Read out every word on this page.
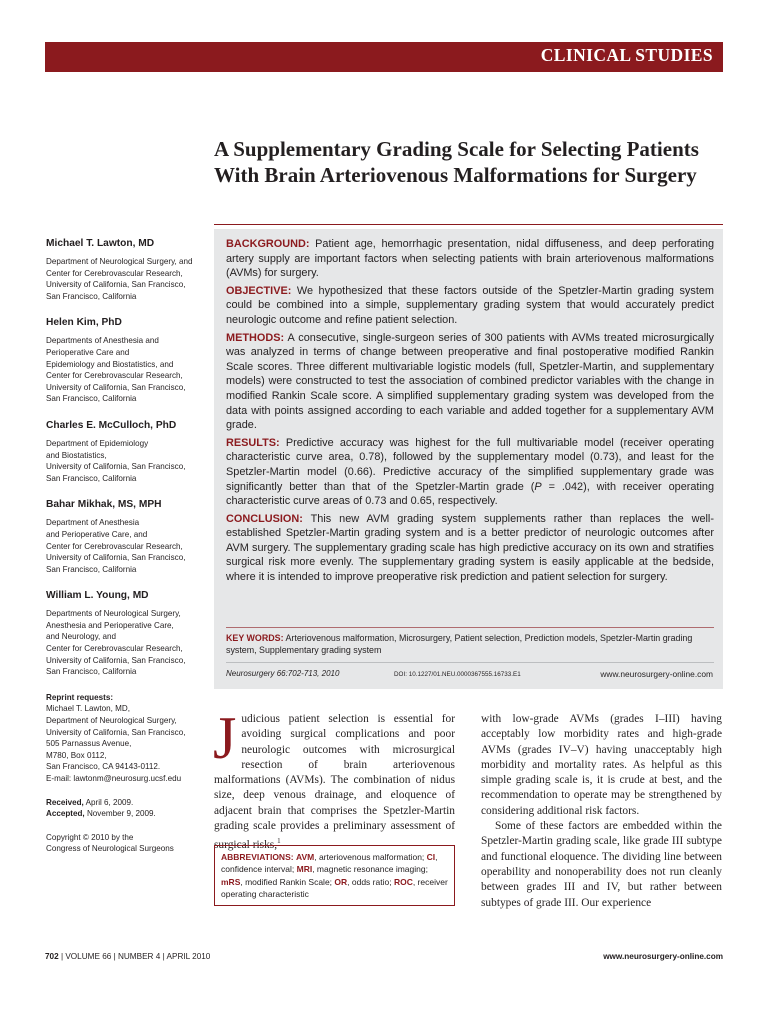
CLINICAL STUDIES
A Supplementary Grading Scale for Selecting Patients With Brain Arteriovenous Malformations for Surgery
Michael T. Lawton, MD
Department of Neurological Surgery, and
Center for Cerebrovascular Research,
University of California, San Francisco,
San Francisco, California
Helen Kim, PhD
Departments of Anesthesia and
Perioperative Care and
Epidemiology and Biostatistics, and
Center for Cerebrovascular Research,
University of California, San Francisco,
San Francisco, California
Charles E. McCulloch, PhD
Department of Epidemiology
and Biostatistics,
University of California, San Francisco,
San Francisco, California
Bahar Mikhak, MS, MPH
Department of Anesthesia
and Perioperative Care, and
Center for Cerebrovascular Research,
University of California, San Francisco,
San Francisco, California
William L. Young, MD
Departments of Neurological Surgery,
Anesthesia and Perioperative Care,
and Neurology, and
Center for Cerebrovascular Research,
University of California, San Francisco,
San Francisco, California
Reprint requests:
Michael T. Lawton, MD,
Department of Neurological Surgery,
University of California, San Francisco,
505 Parnassus Avenue,
M780, Box 0112,
San Francisco, CA 94143-0112.
E-mail: lawtonm@neurosurg.ucsf.edu
Received, April 6, 2009.
Accepted, November 9, 2009.
Copyright © 2010 by the
Congress of Neurological Surgeons

BACKGROUND: Patient age, hemorrhagic presentation, nidal diffuseness, and deep perforating artery supply are important factors when selecting patients with brain arteriovenous malformations (AVMs) for surgery.

OBJECTIVE: We hypothesized that these factors outside of the Spetzler-Martin grading system could be combined into a simple, supplementary grading system that would accurately predict neurologic outcome and refine patient selection.

METHODS: A consecutive, single-surgeon series of 300 patients with AVMs treated microsurgically was analyzed in terms of change between preoperative and final postoperative modified Rankin Scale scores. Three different multivariable logistic models (full, Spetzler-Martin, and supplementary models) were constructed to test the association of combined predictor variables with the change in modified Rankin Scale score. A simplified supplementary grading system was developed from the data with points assigned according to each variable and added together for a supplementary AVM grade.

RESULTS: Predictive accuracy was highest for the full multivariable model (receiver operating characteristic curve area, 0.78), followed by the supplementary model (0.73), and least for the Spetzler-Martin model (0.66). Predictive accuracy of the simplified supplementary grade was significantly better than that of the Spetzler-Martin grade (P = .042), with receiver operating characteristic curve areas of 0.73 and 0.65, respectively.

CONCLUSION: This new AVM grading system supplements rather than replaces the well-established Spetzler-Martin grading system and is a better predictor of neurologic outcomes after AVM surgery. The supplementary grading scale has high predictive accuracy on its own and stratifies surgical risk more evenly. The supplementary grading system is easily applicable at the bedside, where it is intended to improve preoperative risk prediction and patient selection for surgery.

KEY WORDS: Arteriovenous malformation, Microsurgery, Patient selection, Prediction models, Spetzler-Martin grading system, Supplementary grading system
Neurosurgery 66:702-713, 2010	DOI: 10.1227/01.NEU.0000367555.16733.E1	www.neurosurgery-online.com
Judicious patient selection is essential for avoiding surgical complications and poor neurologic outcomes with microsurgical resection of brain arteriovenous malformations (AVMs). The combination of nidus size, deep venous drainage, and eloquence of adjacent brain that comprises the Spetzler-Martin grading scale provides a preliminary assessment of surgical risks,$^1$
ABBREVIATIONS: AVM, arteriovenous malformation; CI, confidence interval; MRI, magnetic resonance imaging; mRS, modified Rankin Scale; OR, odds ratio; ROC, receiver operating characteristic

with low-grade AVMs (grades I–III) having acceptably low morbidity rates and high-grade AVMs (grades IV–V) having unacceptably high morbidity and mortality rates. As helpful as this simple grading scale is, it is crude at best, and the recommendation to operate may be strengthened by considering additional risk factors.

Some of these factors are embedded within the Spetzler-Martin grading scale, like grade III subtype and functional eloquence. The dividing line between operability and nonoperability does not run cleanly between grades III and IV, but rather between subtypes of grade III. Our experience

702 | VOLUME 66 | NUMBER 4 | APRIL 2010	www.neurosurgery-online.com
